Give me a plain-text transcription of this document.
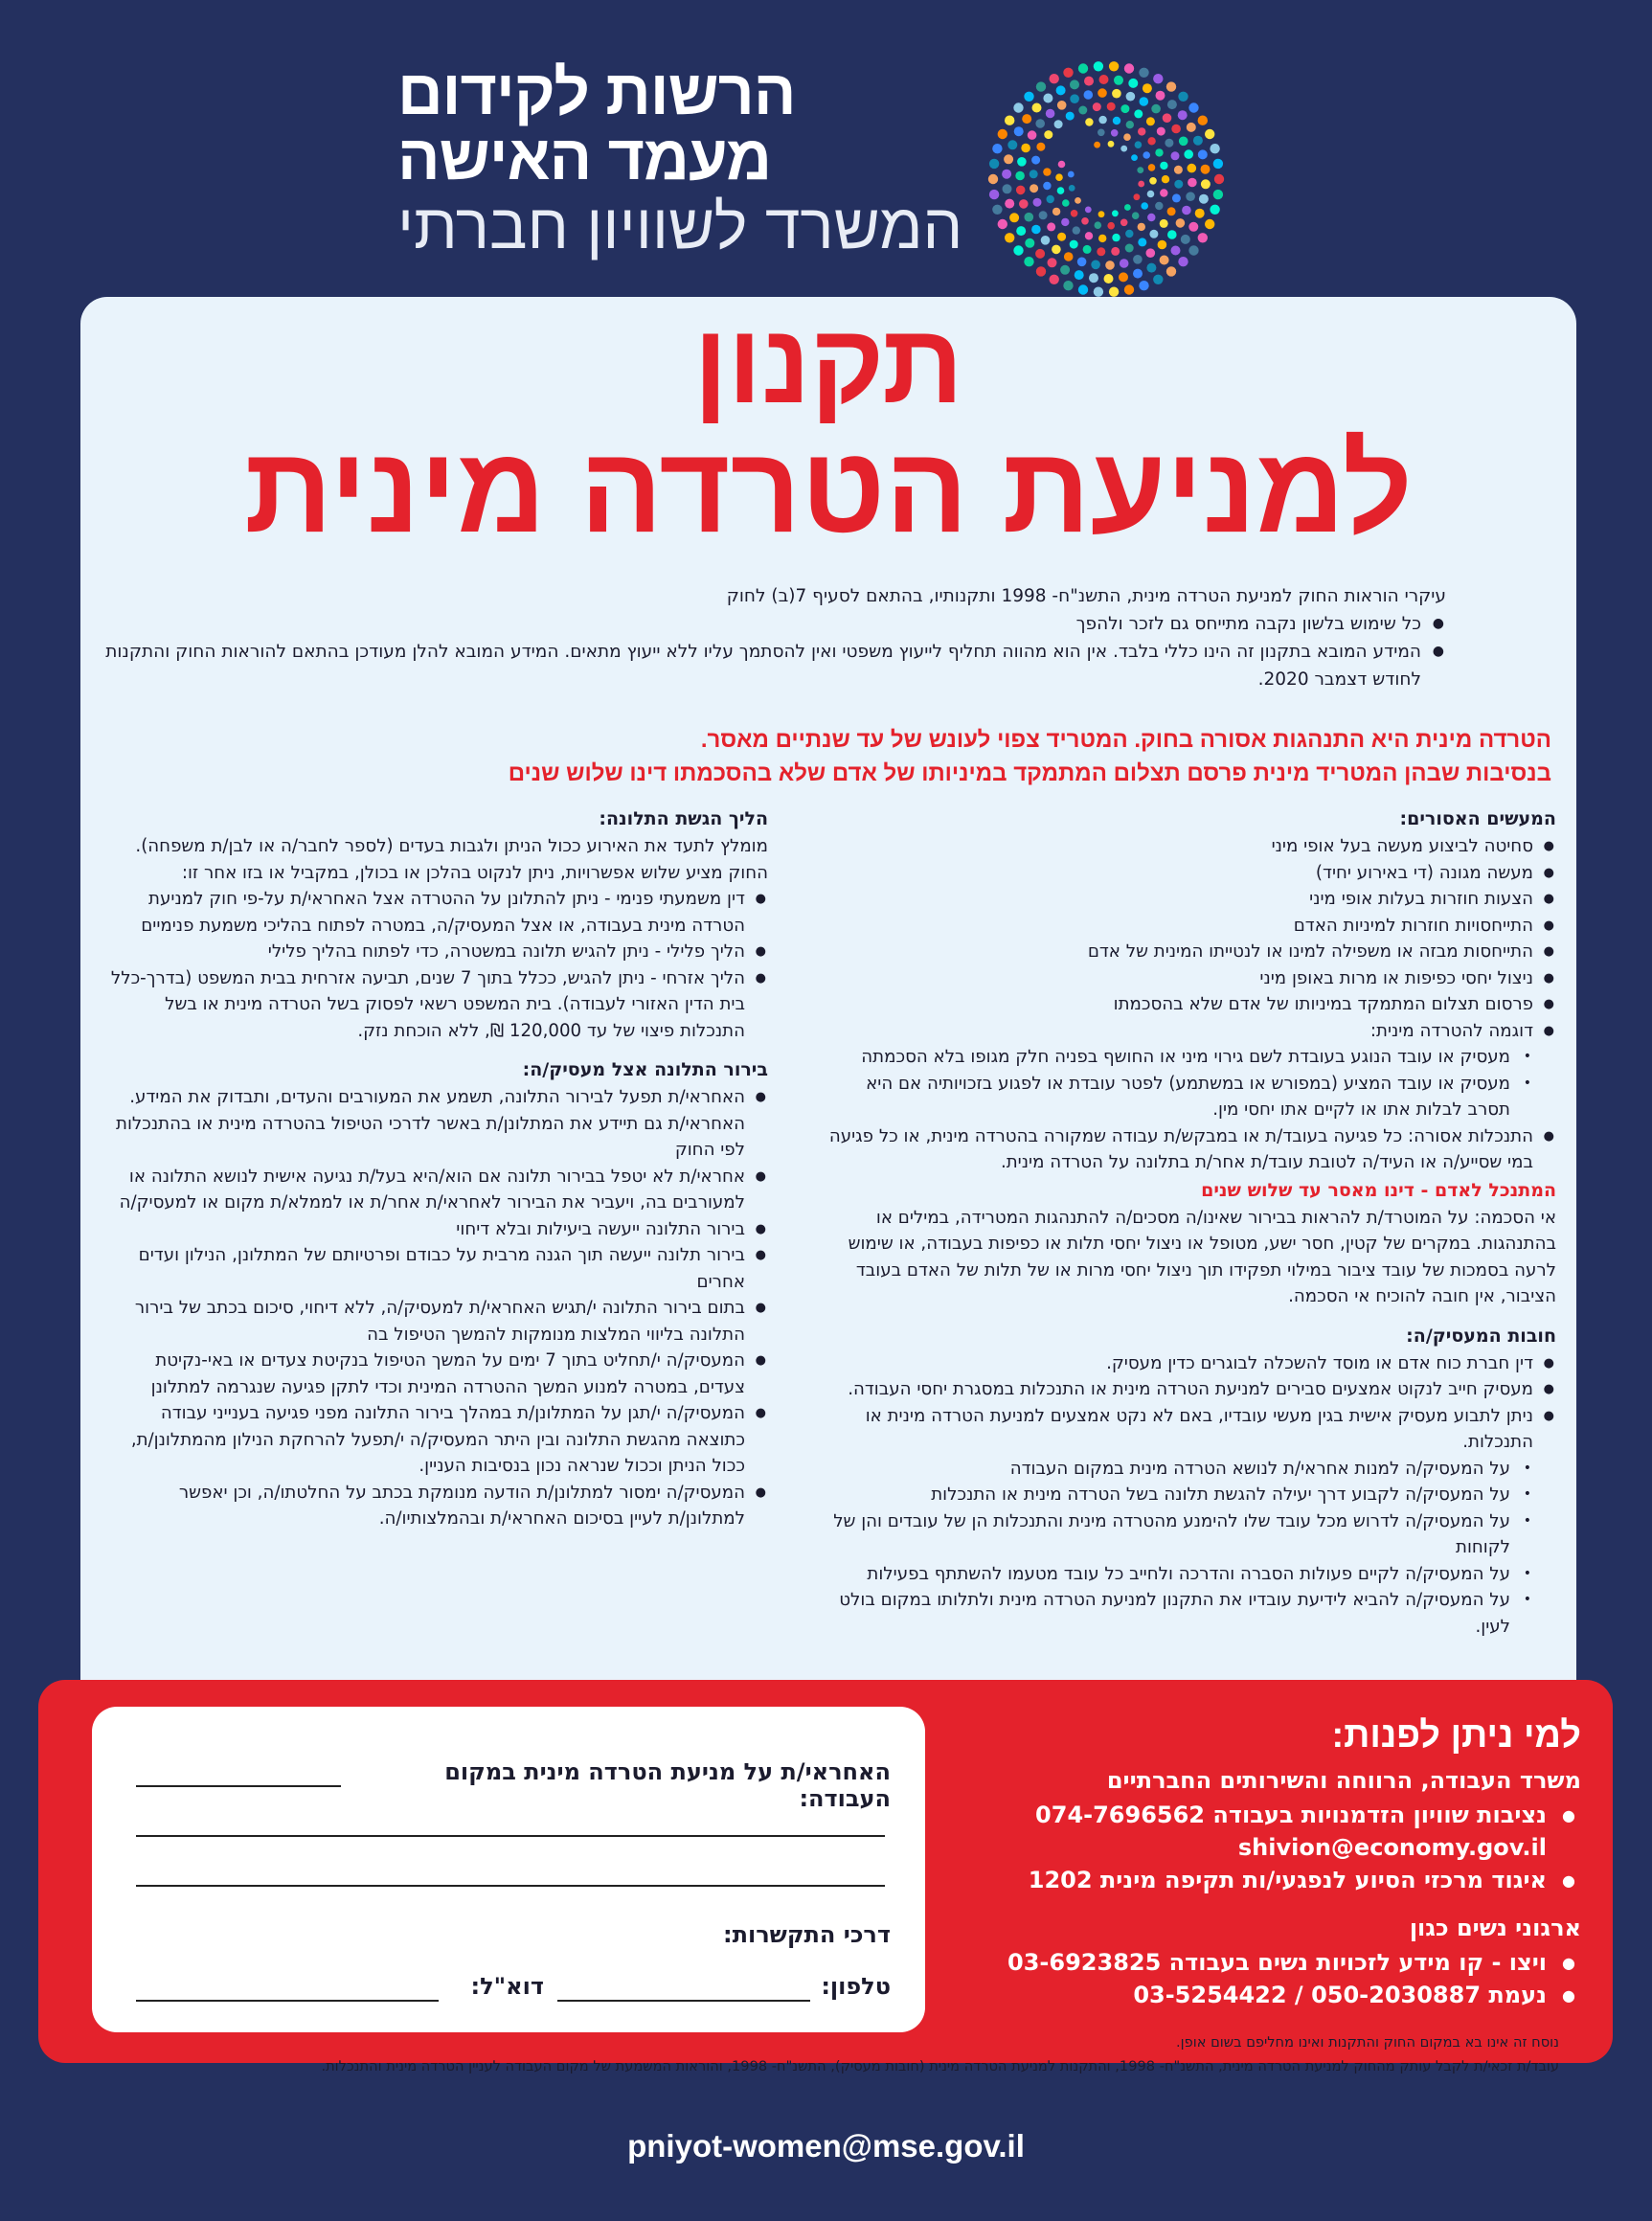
הרשות לקידום
מעמד האישה
המשרד לשוויון חברתי
תקנון
למניעת הטרדה מינית
עיקרי הוראות החוק למניעת הטרדה מינית, התשנ"ח- 1998 ותקנותיו, בהתאם לסעיף 7(ב) לחוק
● כל שימוש בלשון נקבה מתייחס גם לזכר ולהפך
● המידע המובא בתקנון זה הינו כללי בלבד. אין הוא מהווה תחליף לייעוץ משפטי ואין להסתמך עליו ללא ייעוץ מתאים. המידע המובא להלן מעודכן בהתאם להוראות החוק והתקנות לחודש דצמבר 2020.
הטרדה מינית היא התנהגות אסורה בחוק. המטריד צפוי לעונש של עד שנתיים מאסר.
בנסיבות שבהן המטריד מינית פרסם תצלום המתמקד במיניותו של אדם שלא בהסכמתו דינו שלוש שנים
המעשים האסורים:
● סחיטה לביצוע מעשה בעל אופי מיני
● מעשה מגונה (די באירוע יחיד)
● הצעות חוזרות בעלות אופי מיני
● התייחסויות חוזרות למיניות האדם
● התייחסות מבזה או משפילה למינו או לנטייתו המינית של אדם
● ניצול יחסי כפיפות או מרות באופן מיני
● פרסום תצלום המתמקד במיניותו של אדם שלא בהסכמתו
● דוגמה להטרדה מינית:
• מעסיק או עובד הנוגע בעובדת לשם גירוי מיני או החושף בפניה חלק מגופו בלא הסכמתה
• מעסיק או עובד המציע (במפורש או במשתמע) לפטר עובדת או לפגוע בזכויותיה אם היא תסרב לבלות אתו או לקיים אתו יחסי מין.
● התנכלות אסורה: כל פגיעה בעובד/ת או במבקש/ת עבודה שמקורה בהטרדה מינית, או כל פגיעה במי שסייע/ה או העיד/ה לטובת עובד/ת אחר/ת בתלונה על הטרדה מינית.
המתנכל לאדם - דינו מאסר עד שלוש שנים

אי הסכמה: על המוטרד/ת להראות בבירור שאינו/ה מסכים/ה להתנהגות המטרידה, במילים או בהתנהגות. במקרים של קטין, חסר ישע, מטופל או ניצול יחסי תלות או כפיפות בעבודה, או שימוש לרעה בסמכות של עובד ציבור במילוי תפקידו תוך ניצול יחסי מרות או של תלות של האדם בעובד הציבור, אין חובה להוכיח אי הסכמה.

חובות המעסיק/ה:
● דין חברת כוח אדם או מוסד להשכלה לבוגרים כדין מעסיק.
● מעסיק חייב לנקוט אמצעים סבירים למניעת הטרדה מינית או התנכלות במסגרת יחסי העבודה.
● ניתן לתבוע מעסיק אישית בגין מעשי עובדיו, באם לא נקט אמצעים למניעת הטרדה מינית או התנכלות.
• על המעסיק/ה למנות אחראי/ת לנושא הטרדה מינית במקום העבודה
• על המעסיק/ה לקבוע דרך יעילה להגשת תלונה בשל הטרדה מינית או התנכלות
• על המעסיק/ה לדרוש מכל עובד שלו להימנע מהטרדה מינית והתנכלות הן של עובדים והן של לקוחות
• על המעסיק/ה לקיים פעולות הסברה והדרכה ולחייב כל עובד מטעמו להשתתף בפעילות
• על המעסיק/ה להביא לידיעת עובדיו את התקנון למניעת הטרדה מינית ולתלותו במקום בולט לעין.
הליך הגשת התלונה:

מומלץ לתעד את האירוע ככול הניתן ולגבות בעדים (לספר לחבר/ה או לבן/ת משפחה).

החוק מציע שלוש אפשרויות, ניתן לנקוט בהלכן או בכולן, במקביל או בזו אחר זו:

● דין משמעתי פנימי - ניתן להתלונן על ההטרדה אצל האחראי/ת על-פי חוק למניעת הטרדה מינית בעבודה, או אצל המעסיק/ה, במטרה לפתוח בהליכי משמעת פנימיים
● הליך פלילי - ניתן להגיש תלונה במשטרה, כדי לפתוח בהליך פלילי
● הליך אזרחי - ניתן להגיש, ככלל בתוך 7 שנים, תביעה אזרחית בבית המשפט (בדרך-כלל בית הדין האזורי לעבודה). בית המשפט רשאי לפסוק בשל הטרדה מינית או בשל התנכלות פיצוי של עד 120,000 ₪, ללא הוכחת נזק.
בירור התלונה אצל מעסיק/ה:
● האחראי/ת תפעל לבירור התלונה, תשמע את המעורבים והעדים, ותבדוק את המידע. האחראי/ת גם תיידע את המתלונן/ת באשר לדרכי הטיפול בהטרדה מינית או בהתנכלות לפי החוק
● אחראי/ת לא יטפל בבירור תלונה אם הוא/היא בעל/ת נגיעה אישית לנושא התלונה או למעורבים בה, ויעביר את הבירור לאחראי/ת אחר/ת או לממלא/ת מקום או למעסיק/ה
● בירור התלונה ייעשה ביעילות ובלא דיחוי
● בירור תלונה ייעשה תוך הגנה מרבית על כבודם ופרטיותם של המתלונן, הנילון ועדים אחרים
● בתום בירור התלונה י/תגיש האחראי/ת למעסיק/ה, ללא דיחוי, סיכום בכתב של בירור התלונה בליווי המלצות מנומקות להמשך הטיפול בה
● המעסיק/ה י/תחליט בתוך 7 ימים על המשך הטיפול בנקיטת צעדים או באי-נקיטת צעדים, במטרה למנוע המשך ההטרדה המינית וכדי לתקן פגיעה שנגרמה למתלונן
● המעסיק/ה י/תגן על המתלונן/ת במהלך בירור התלונה מפני פגיעה בענייני עבודה כתוצאה מהגשת התלונה ובין היתר המעסיק/ה י/תפעל להרחקת הנילון מהמתלונן/ת, ככול הניתן וככול שנראה נכון בנסיבות העניין.
● המעסיק/ה ימסור למתלונן/ת הודעה מנומקת בכתב על החלטתו/ה, וכן יאפשר למתלונן/ת לעיין בסיכום האחראי/ת ובהמלצותיו/ה.
למי ניתן לפנות:
משרד העבודה, הרווחה והשירותים החברתיים
● נציבות שוויון הזדמנויות בעבודה 074-7696562
shivion@economy.gov.il
● איגוד מרכזי הסיוע לנפגעי/ות תקיפה מינית 1202
ארגוני נשים כגון
● ויצו - קו מידע לזכויות נשים בעבודה 03-6923825
● נעמת 050-2030887 / 03-5254422
האחראי/ת על מניעת הטרדה מינית במקום העבודה:
דרכי התקשרות:
טלפון:
דוא"ל:
נוסח זה אינו בא במקום החוק והתקנות ואינו מחליפם בשום אופן.
עובד/ת זכאי/ת לקבל עותק מהחוק למניעת הטרדה מינית, התשנ"ח- 1998, והתקנות למניעת הטרדה מינית (חובות מעסיק), התשנ"ח- 1998, והוראות המשמעת של מקום העבודה לעניין הטרדה מינית והתנכלות.
pniyot-women@mse.gov.il
